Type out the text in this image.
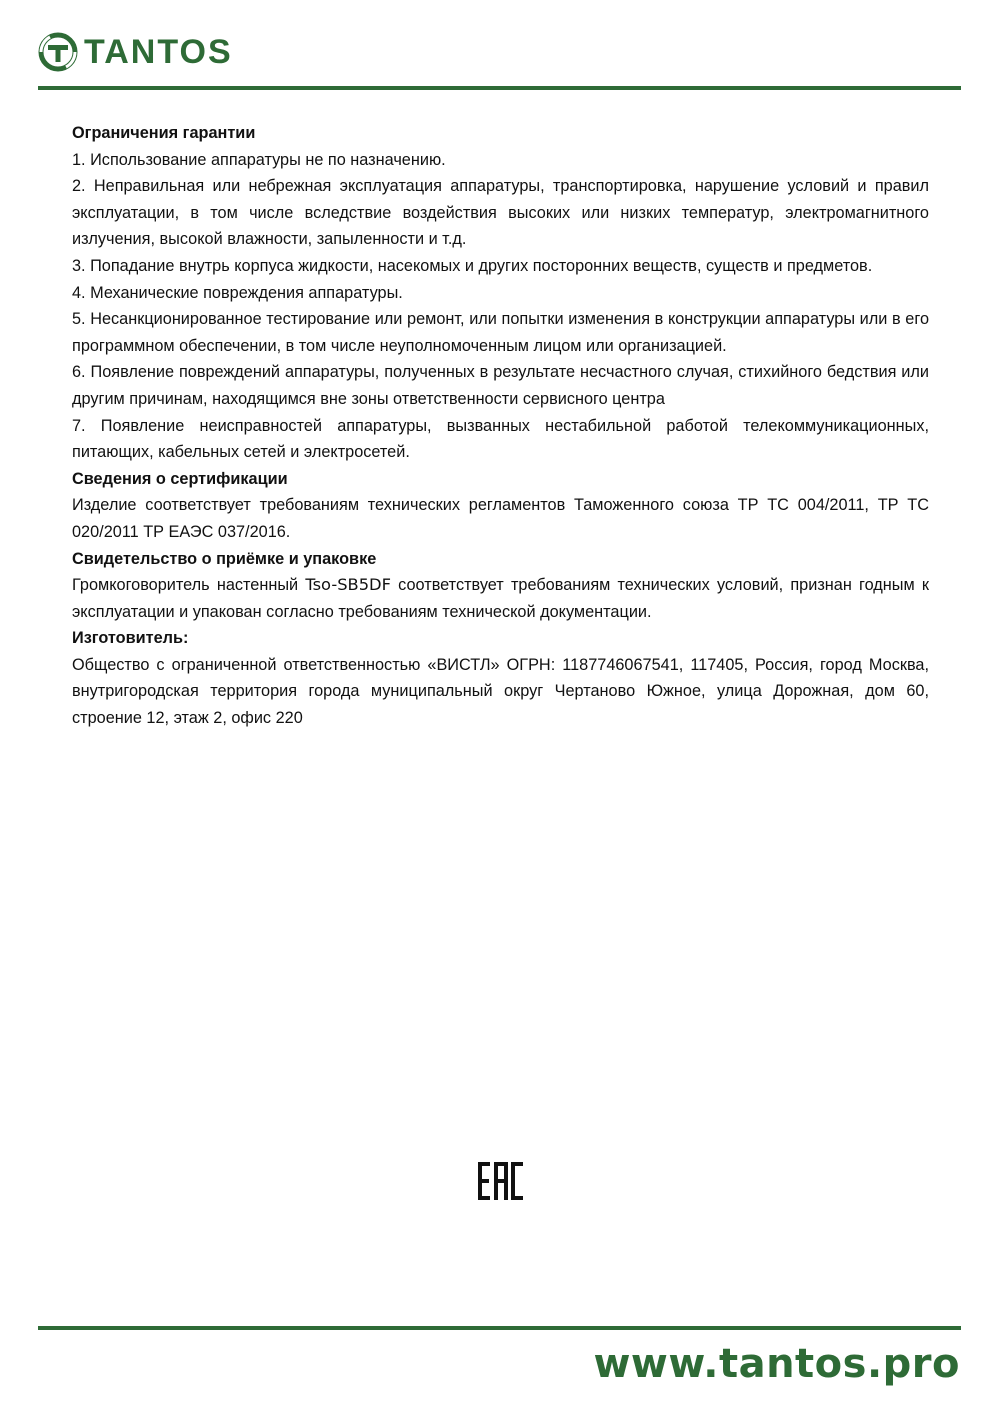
TANTOS

Ограничения гарантии

1. Использование аппаратуры не по назначению.

2. Неправильная или небрежная эксплуатация аппаратуры, транспортировка, нарушение условий и правил эксплуатации, в том числе вследствие воздействия высоких или низких температур, электромагнитного излучения, высокой влажности, запыленности и т.д.

3. Попадание внутрь корпуса жидкости, насекомых и других посторонних веществ, существ и предметов.

4. Механические повреждения аппаратуры.

5. Несанкционированное тестирование или ремонт, или попытки изменения в конструкции аппаратуры или в его программном обеспечении, в том числе неуполномоченным лицом или организацией.

6. Появление повреждений аппаратуры, полученных в результате несчастного случая, стихийного бедствия или другим причинам, находящимся вне зоны ответственности сервисного центра

7. Появление неисправностей аппаратуры, вызванных нестабильной работой телекоммуникационных, питающих, кабельных сетей и электросетей.

Сведения о сертификации

Изделие соответствует требованиям технических регламентов Таможенного союза ТР ТС 004/2011, ТР ТС 020/2011 ТР ЕАЭС 037/2016.

Свидетельство о приёмке и упаковке

Громкоговоритель настенный Tso-SB5DF соответствует требованиям технических условий, признан годным к эксплуатации и упакован согласно требованиям технической документации.

Изготовитель:

Общество с ограниченной ответственностью «ВИСТЛ» ОГРН: 1187746067541, 117405, Россия, город Москва, внутригородская территория города муниципальный округ Чертаново Южное, улица Дорожная, дом 60, строение 12, этаж 2, офис 220

www.tantos.pro
